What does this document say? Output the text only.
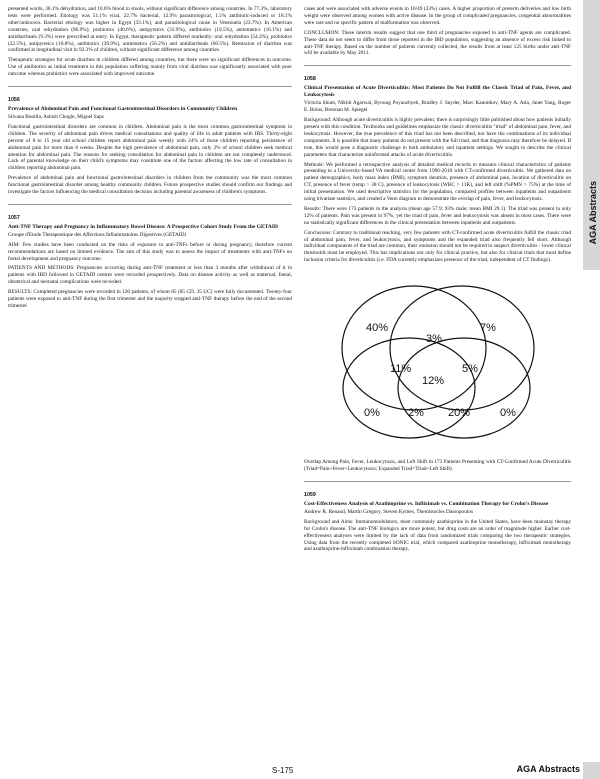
AGA Abstracts

presented words, 38.1% dehydration, and 10.6% blood in stools, without significant difference among countries. In 77.3%, laboratory tests were performed. Etiology was 51.1% viral, 22.7% bacterial, 12.9% parasitological, 1.5% antibiotic-induced or 18.1% other/unknown. Bacterial etiology was higher in Egypt (33.1%), and parasitological cause in Venezuela (23.7%). In American countries, oral rehydration (86.9%), probiotics (40.6%), antipyretics (33.9%), antibiotics (19.5%), antiemetics (16.1%) and antidiarrheals (9.3%) were prescribed at entry. In Egypt, therapeutic pattern differed markedly: oral rehydration (54.2%), probiotics (22.5%), antipyretics (10.8%), antibiotics (39.9%), antiemetics (56.2%) and antidiarrheals (60.5%). Remission of diarrhea was confirmed at longitudinal visit in 92.3% of children, without significant difference among countries.

Therapeutic strategies for acute diarrhea in children differed among countries, but there were no significant differences in outcome. Use of antibiotics as initial treatment in this population suffering mainly from viral diarrhea was significantly associated with poor outcome whereas probiotics were associated with improved outcome.

1056
Prevalence of Abdominal Pain and Functional Gastrointestinal Disorders in Community Children
Silvana Bonilla, Ashish Chogle, Miguel Saps

Functional gastrointestinal disorders are common in children. Abdominal pain is the most common gastrointestinal symptom in children. The severity of abdominal pain drives medical consultations and quality of life in adult patients with IBS. Thirty-eight percent of 8 to 15 year old school children report abdominal pain weekly with 24% of those children reporting persistence of abdominal pain for more than 8 weeks. Despite the high prevalence of abdominal pain, only 2% of school children seek medical attention for abdominal pain. The reasons for seeking consultation for abdominal pain in children are not completely understood. Lack of parental knowledge on their child's symptoms may constitute one of the factors affecting the low rate of consultation in children reporting abdominal pain.

Prevalence of abdominal pain and functional gastrointestinal disorders in children from the community was the most common functional gastrointestinal disorder among healthy community children. Future prospective studies should confirm our findings and investigate the factors influencing the medical consultation decision including parental awareness of children's symptoms.

1057
Anti-TNF Therapy and Pregnancy in Inflammatory Bowel Disease: A Prospective Cohort Study From the GETAID
Groupe d'Etude Therapeutique des Affections Inflammatoires Digestives (GETAID)

AIM: Few studies have been conducted on the risks of exposure to anti-TNFs before or during pregnancy, therefore current recommendations are based on limited evidence. The aim of this study was to assess the impact of treatments with anti-TNFs on foetal development and pregnancy outcome.

PATIENTS AND METHODS: Pregnancies occurring during anti-TNF treatment or less than 3 months after withdrawal of it in patients with IBD followed in GETAID centres were recorded prospectively. Data on disease activity as well as maternal, foetal, obstetrical and neonatal complications were recorded.

RESULTS: Completed pregnancies were recorded in 120 patients, of whom 85 (85 CD, 35 UC) were fully documented. Twenty-four patients were exposed to anti-TNF during the first trimester and the majority stopped anti-TNF therapy before the end of the second trimester.

cases and were associated with adverse events in 16/49 (33%) cases. A higher proportion of preterm deliveries and low birth weight were observed among women with active disease. In the group of complicated pregnancies, congenital abnormalities were rare and no specific pattern of malformation was observed.

CONCLUSION: These interim results suggest that one third of pregnancies exposed to anti-TNF agents are complicated. These data do not seem to differ from those reported in the IBD population, suggesting an absence of excess risk linked to anti-TNF therapy. Based on the number of patients currently collected, the results from at least 125 births under anti-TNF will be available by May 2011.

1058
Clinical Presentation of Acute Diverticulitis: Most Patients Do Not Fulfill the Classic Triad of Pain, Fever, and Leukocytosis
Victoria Shum, Nikhil Agarwal, Byoung Poyaozhyeh, Bradley J. Snyder, Marc Kaunitkov, Mary A. Atia, Janet Yang, Roger E. Bolus, Brennan M. Spiegel

Background: Although acute diverticulitis is highly prevalent, there is surprisingly little published about how patients initially present with this condition. Textbooks and guidelines emphasize the classic diverticulitis "triad" of abdominal pain, fever, and leukocytosis. However, the true prevalence of this triad has not been described, nor have the combinations of its individual components. It is possible that many patients do not present with the full triad, and that diagnosis may therefore be delayed. If true, this would pose a diagnostic challenge in both ambulatory and inpatient settings. We sought to describe the clinical parameters that characterize uninformed attacks of acute diverticulitis.

Methods: We performed a retrospective analysis of detailed medical records to measure clinical characteristics of patients presenting to a University-based VA medical center from 1996-2010 with CT-confirmed diverticulitis. We gathered data on patient demographics, body mass index (BMI), symptom duration, presence of abdominal pain, location of diverticulitis on CT, presence of fever (temp > 38 C), presence of leukocytosis (WBC > 11K), and left shift (%PMN > 75%) at the time of initial presentation. We used descriptive statistics for the population, compared profiles between inpatients and outpatients using bivariate statistics, and created a Venn diagram to demonstrate the overlap of pain, fever, and leukocytosis.

Results: There were 173 patients in the analysis (mean age 57.9; 93% male; mean BMI 29.1). The triad was present in only 12% of patients. Pain was present in 97%, yet the triad of pain, fever and leukocytosis was absent in most cases. There were no statistically significant differences in the clinical presentation between inpatients and outpatients.

Conclusions: Contrary to traditional teaching, very few patients with CT-confirmed acute diverticulitis fulfill the classic triad of abdominal pain, fever, and leukocytosis, and symptoms and the expanded triad also frequently fell short. Although individual components of the triad are common, their omission should not be required to suspect diverticulitis - lower clinical thresholds must be employed. This has implications not only for clinical practice, but also for clinical trials that must define inclusion criteria for diverticulitis (i.e. FDA currently emphasizes presence of the triad, independent of CT findings).

40%	7%
3%
11%	5%
12%
0%	2% 20%	0%
Overlap Among Pain, Fever, Leukocytosis, and Left Shift in 173 Patients Presenting with CT-Confirmed Acute Diverticulitis (Triad=Pain+Fever+Leukocytosis; Expanded Triad=Triad+Left Shift).
1059
Cost-Effectiveness Analysis of Azathioprine vs. Infliximab vs. Combination Therapy for Crohn's Disease
Andrew R. Renaud, Martin Gregory, Steven Kymes, Themistocles Dassopoulos

Background and Aims: Immunomodulators, most commonly azathioprine in the United States, have been mainstay therapy for Crohn's disease. The anti-TNF biologics are more potent, but drug costs are an order of magnitude higher. Earlier cost-effectiveness analyses were limited by the lack of data from randomized trials comparing the two therapeutic strategies. Using data from the recently completed SONIC trial, which compared azathioprine monotherapy, infliximab monotherapy and azathioprine-infliximab combination therapy,

S-175	AGA Abstracts
